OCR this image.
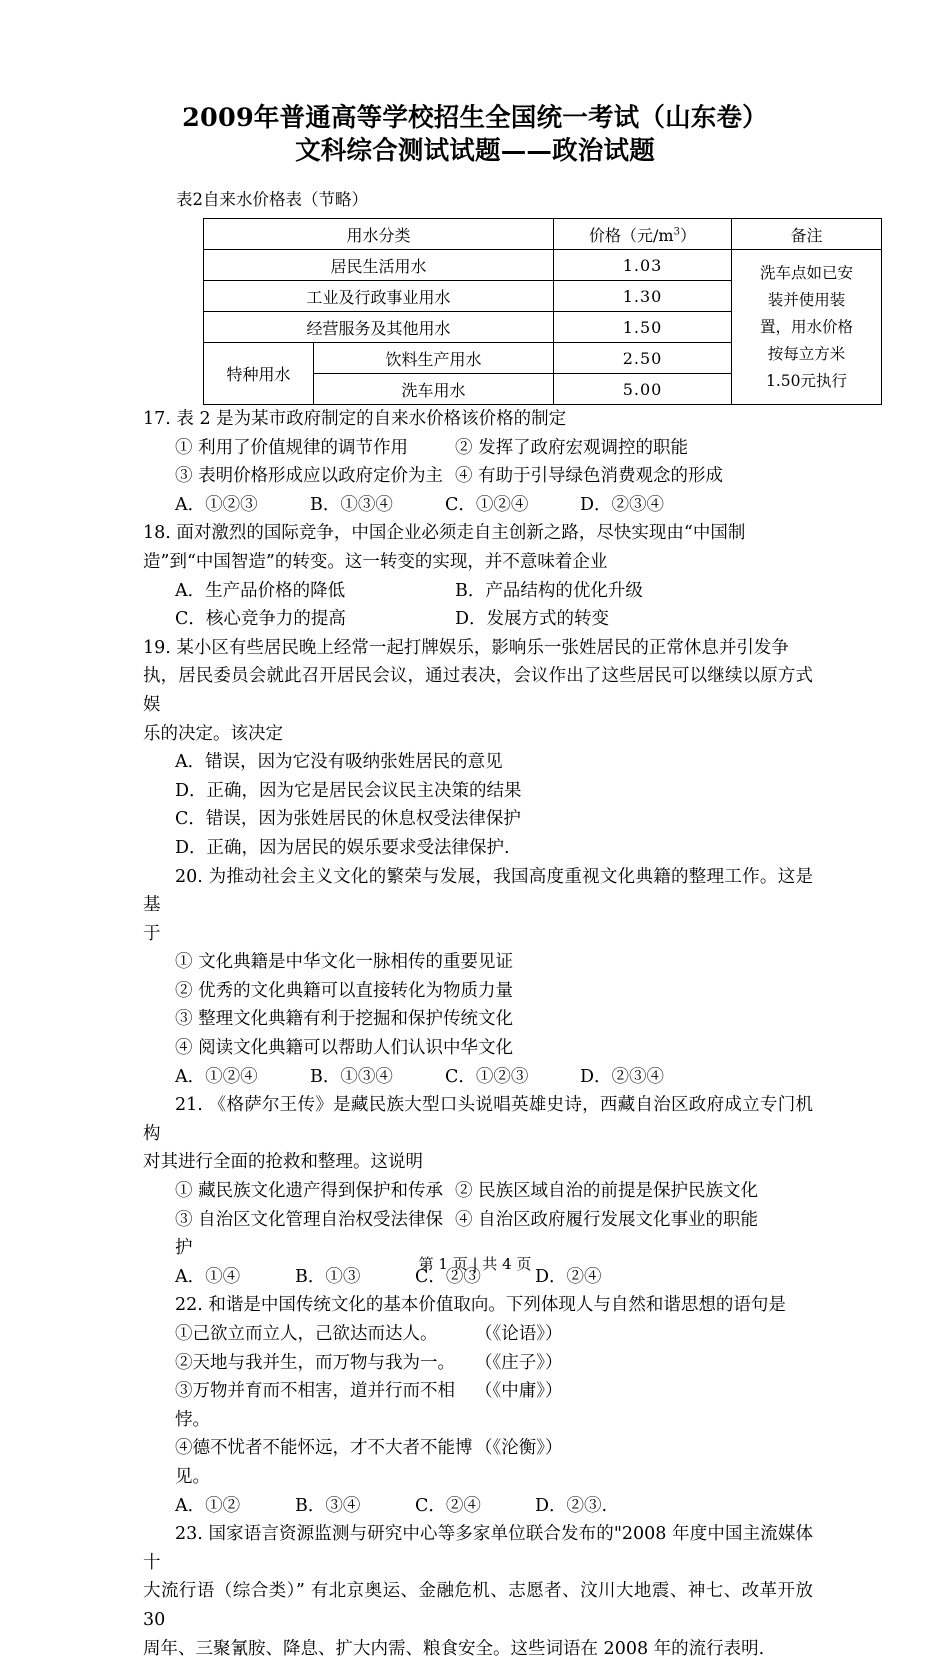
2009年普通高等学校招生全国统一考试（山东卷）
文科综合测试试题——政治试题

表2自来水价格表（节略）

用水分类		价格（元$/m^3$）	备注
居民生活用水		1.03	洗车点如已安
装并使用装
置，用水价格
按每立方米
1.50元执行

工业及行政事业用水		1.30	
经营服务及其他用水		1.50	
特种用水	饮料生产用水	2.50	
	洗车用水	5.00	

17. 表 2 是为某市政府制定的自来水价格该价格的制定

① 利用了价值规律的调节作用	② 发挥了政府宏观调控的职能
③ 表明价格形成应以政府定价为主 ④ 有助于引导绿色消费观念的形成
A．①②③	B．①③④	C．①②④	D．②③④

18. 面对激烈的国际竞争，中国企业必须走自主创新之路，尽快实现由“中国制

造”到“中国智造”的转变。这一转变的实现，并不意味着企业

A．生产品价格的降低	B．产品结构的优化升级
C．核心竞争力的提高	D．发展方式的转变

19. 某小区有些居民晚上经常一起打牌娱乐，影响乐一张姓居民的正常休息并引发争

执，居民委员会就此召开居民会议，通过表决，会议作出了这些居民可以继续以原方式娱

乐的决定。该决定

A．错误，因为它没有吸纳张姓居民的意见

D．正确，因为它是居民会议民主决策的结果

C．错误，因为张姓居民的休息权受法律保护

D．正确，因为居民的娱乐要求受法律保护.

20. 为推动社会主义文化的繁荣与发展，我国高度重视文化典籍的整理工作。这是基

于

① 文化典籍是中华文化一脉相传的重要见证

② 优秀的文化典籍可以直接转化为物质力量

③ 整理文化典籍有利于挖掘和保护传统文化

④ 阅读文化典籍可以帮助人们认识中华文化

A．①②④	B．①③④	C．①②③	D．②③④

21. 《格萨尔王传》是藏民族大型口头说唱英雄史诗，西藏自治区政府成立专门机构

对其进行全面的抢救和整理。这说明

① 藏民族文化遗产得到保护和传承 ② 民族区域自治的前提是保护民族文化
③ 自治区文化管理自治权受法律保护
④ 自治区政府履行发展文化事业的职能
A．①④	B．①③	C．②③	D．②④

22. 和谐是中国传统文化的基本价值取向。下列体现人与自然和谐思想的语句是

①己欲立而立人，己欲达而达人。	（《论语》）
②天地与我并生，而万物与我为一。	（《庄子》）
③万物并育而不相害，道并行而不相悖。
（《中庸》）
④德不忧者不能怀远，才不大者不能博见。
（《沦衡》）
A．①②	B．③④	C．②④	D．②③.

23. 国家语言资源监测与研究中心等多家单位联合发布的"2008 年度中国主流媒体十

大流行语（综合类）” 有北京奥运、金融危机、志愿者、汶川大地震、神七、改革开放 30

周年、三聚氰胺、降息、扩大内需、粮食安全。这些词语在 2008 年的流行表明.

第 1 页 | 共 4 页
